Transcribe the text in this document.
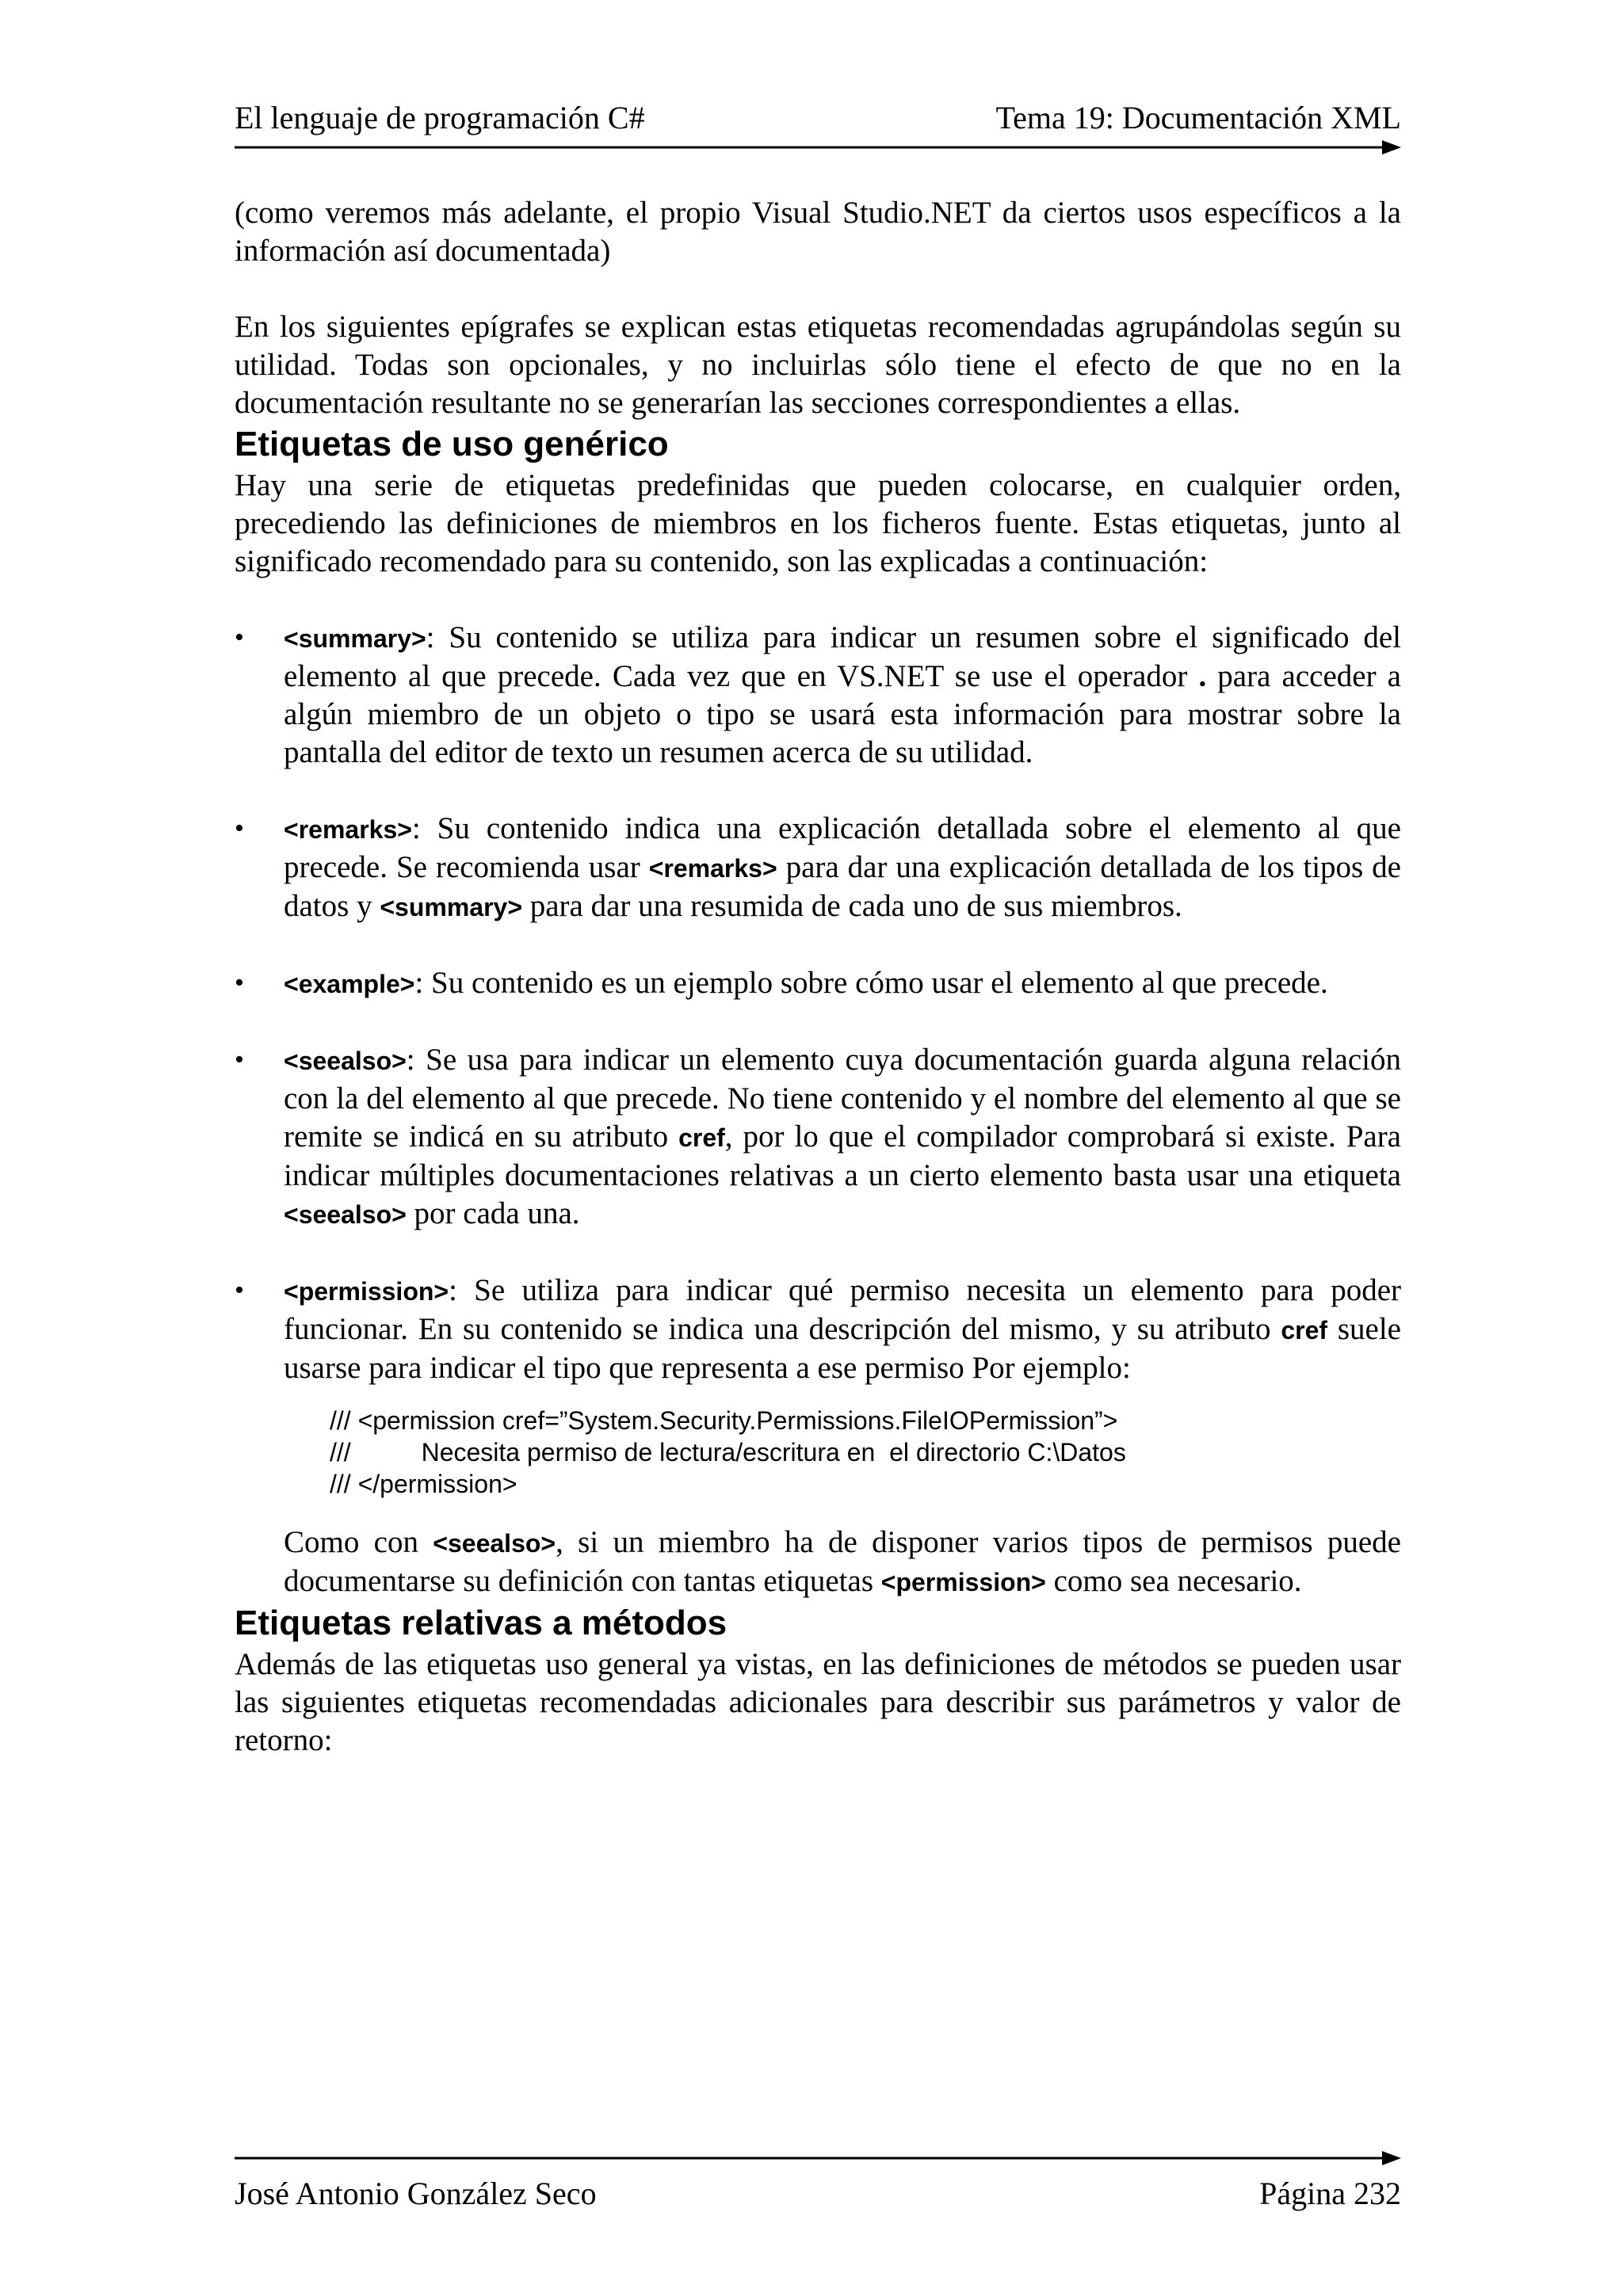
El lenguaje de programación C#	Tema 19: Documentación XML

(como veremos más adelante, el propio Visual Studio.NET da ciertos usos específicos a la información así documentada)

En los siguientes epígrafes se explican estas etiquetas recomendadas agrupándolas según su utilidad. Todas son opcionales, y no incluirlas sólo tiene el efecto de que no en la documentación resultante no se generarían las secciones correspondientes a ellas.

Etiquetas de uso genérico

Hay una serie de etiquetas predefinidas que pueden colocarse, en cualquier orden, precediendo las definiciones de miembros en los ficheros fuente. Estas etiquetas, junto al significado recomendado para su contenido, son las explicadas a continuación:

• <summary>: Su contenido se utiliza para indicar un resumen sobre el significado del elemento al que precede. Cada vez que en VS.NET se use el operador . para acceder a algún miembro de un objeto o tipo se usará esta información para mostrar sobre la pantalla del editor de texto un resumen acerca de su utilidad.
• <remarks>: Su contenido indica una explicación detallada sobre el elemento al que precede. Se recomienda usar <remarks> para dar una explicación detallada de los tipos de datos y <summary> para dar una resumida de cada uno de sus miembros.
• <example>: Su contenido es un ejemplo sobre cómo usar el elemento al que precede.
• <seealso>: Se usa para indicar un elemento cuya documentación guarda alguna relación con la del elemento al que precede. No tiene contenido y el nombre del elemento al que se remite se indicá en su atributo cref, por lo que el compilador comprobará si existe. Para indicar múltiples documentaciones relativas a un cierto elemento basta usar una etiqueta <seealso> por cada una.
• <permission>: Se utiliza para indicar qué permiso necesita un elemento para poder funcionar. En su contenido se indica una descripción del mismo, y su atributo cref suele usarse para indicar el tipo que representa a ese permiso Por ejemplo:
/// <permission cref=”System.Security.Permissions.FileIOPermission”>
///	Necesita permiso de lectura/escritura en  el directorio C:\Datos
/// </permission>

Como con <seealso>, si un miembro ha de disponer varios tipos de permisos puede documentarse su definición con tantas etiquetas <permission> como sea necesario.

Etiquetas relativas a métodos

Además de las etiquetas uso general ya vistas, en las definiciones de métodos se pueden usar las siguientes etiquetas recomendadas adicionales para describir sus parámetros y valor de retorno:

José Antonio González Seco	Página 232
